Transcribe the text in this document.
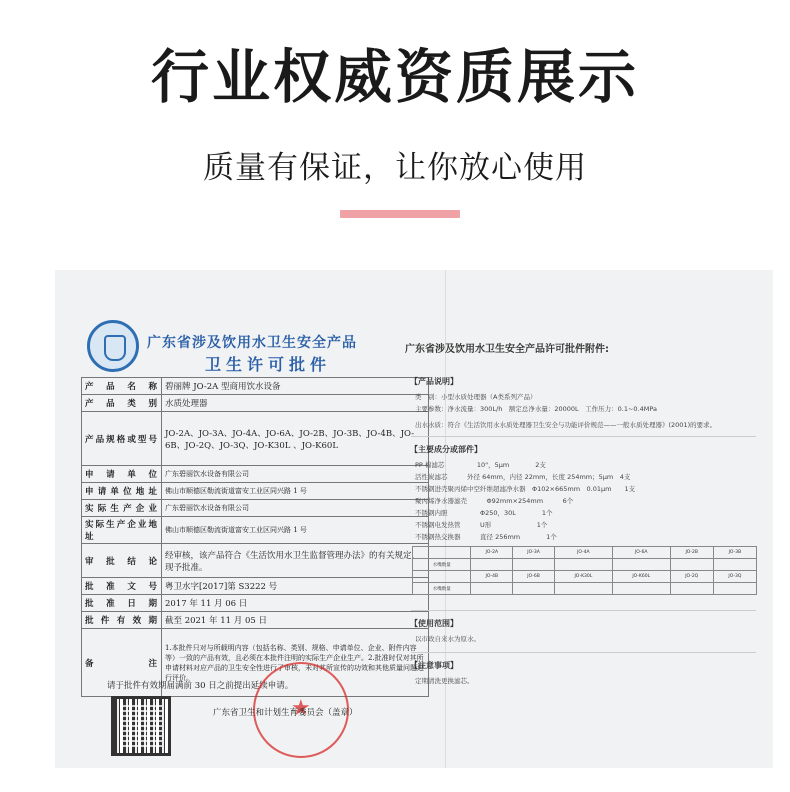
行业权威资质展示
质量有保证，让你放心使用
广东省涉及饮用水卫生安全产品
卫生许可批件
产品名称	碧丽牌 JO-2A 型商用饮水设备
产品类别	水质处理器
产品规格或型号	JO-2A、JO-3A、JO-4A、JO-6A、JO-2B、JO-3B、JO-4B、JO-6B、JO-2Q、JO-3Q、JO-K30L 、JO-K60L
申请单位	广东碧丽饮水设备有限公司
申请单位地址	佛山市顺德区勒流街道富安工业区同兴路 1 号
实际生产企业	广东碧丽饮水设备有限公司
实际生产企业地址	佛山市顺德区勒流街道富安工业区同兴路 1 号
审批结论	经审核，该产品符合《生活饮用水卫生监督管理办法》的有关规定，现予批准。
批准文号	粤卫水字[2017]第 S3222 号
批准日期	2017 年 11 月 06 日
批件有效期	截至 2021 年 11 月 05 日
备注	1.本批件只对与所载明内容（包括名称、类别、规格、申请单位、企业、附件内容等）一致的产品有效，且必须在本批件注明的实际生产企业生产。2.批准时仅对其所申请材料对应产品的卫生安全性进行了审核，未对其所宣传的功效和其他质量问题进行评价。
请于批件有效期届满前 30 日之前提出延续申请。
★
广东省卫生和计划生育委员会（盖章）
广东省涉及饮用水卫生安全产品许可批件附件:
【产品说明】
类　别：小型水质处理器（A类系列产品）
主要参数：净水流量：300L/h　额定总净水量：20000L　工作压力：0.1~0.4MPa
出水水质：符合《生活饮用水水质处理器卫生安全与功能评价规范——一般水质处理器》(2001)的要求。
【主要成分或部件】
PP 棉滤芯　　　　　10"，5μm　　　　2支
活性炭滤芯　　　外径 64mm，内径 22mm，长度 254mm；5μm　4支
不锈钢进壳聚丙烯中空纤维超滤净水器　Φ102×665mm　0.01μm　　1支
聚丙烯净水器滤壳　　　Φ92mm×254mm　　　6个
不锈钢内胆　　　　　Φ250，30L　　　　1个
不锈钢电发热管　　　U形　　　　　　　1个
不锈钢热交换器　　　直径 256mm　　　　1个
	JO-2A	JO-3A	JO-4A	JO-6A	JO-2B	JO-3B
水嘴数量						
	JO-4B	JO-6B	JO-K30L	JO-K60L	JO-2Q	JO-3Q
水嘴数量						
【使用范围】
以市政自来水为原水。
【注意事项】
定期清洗更换滤芯。
